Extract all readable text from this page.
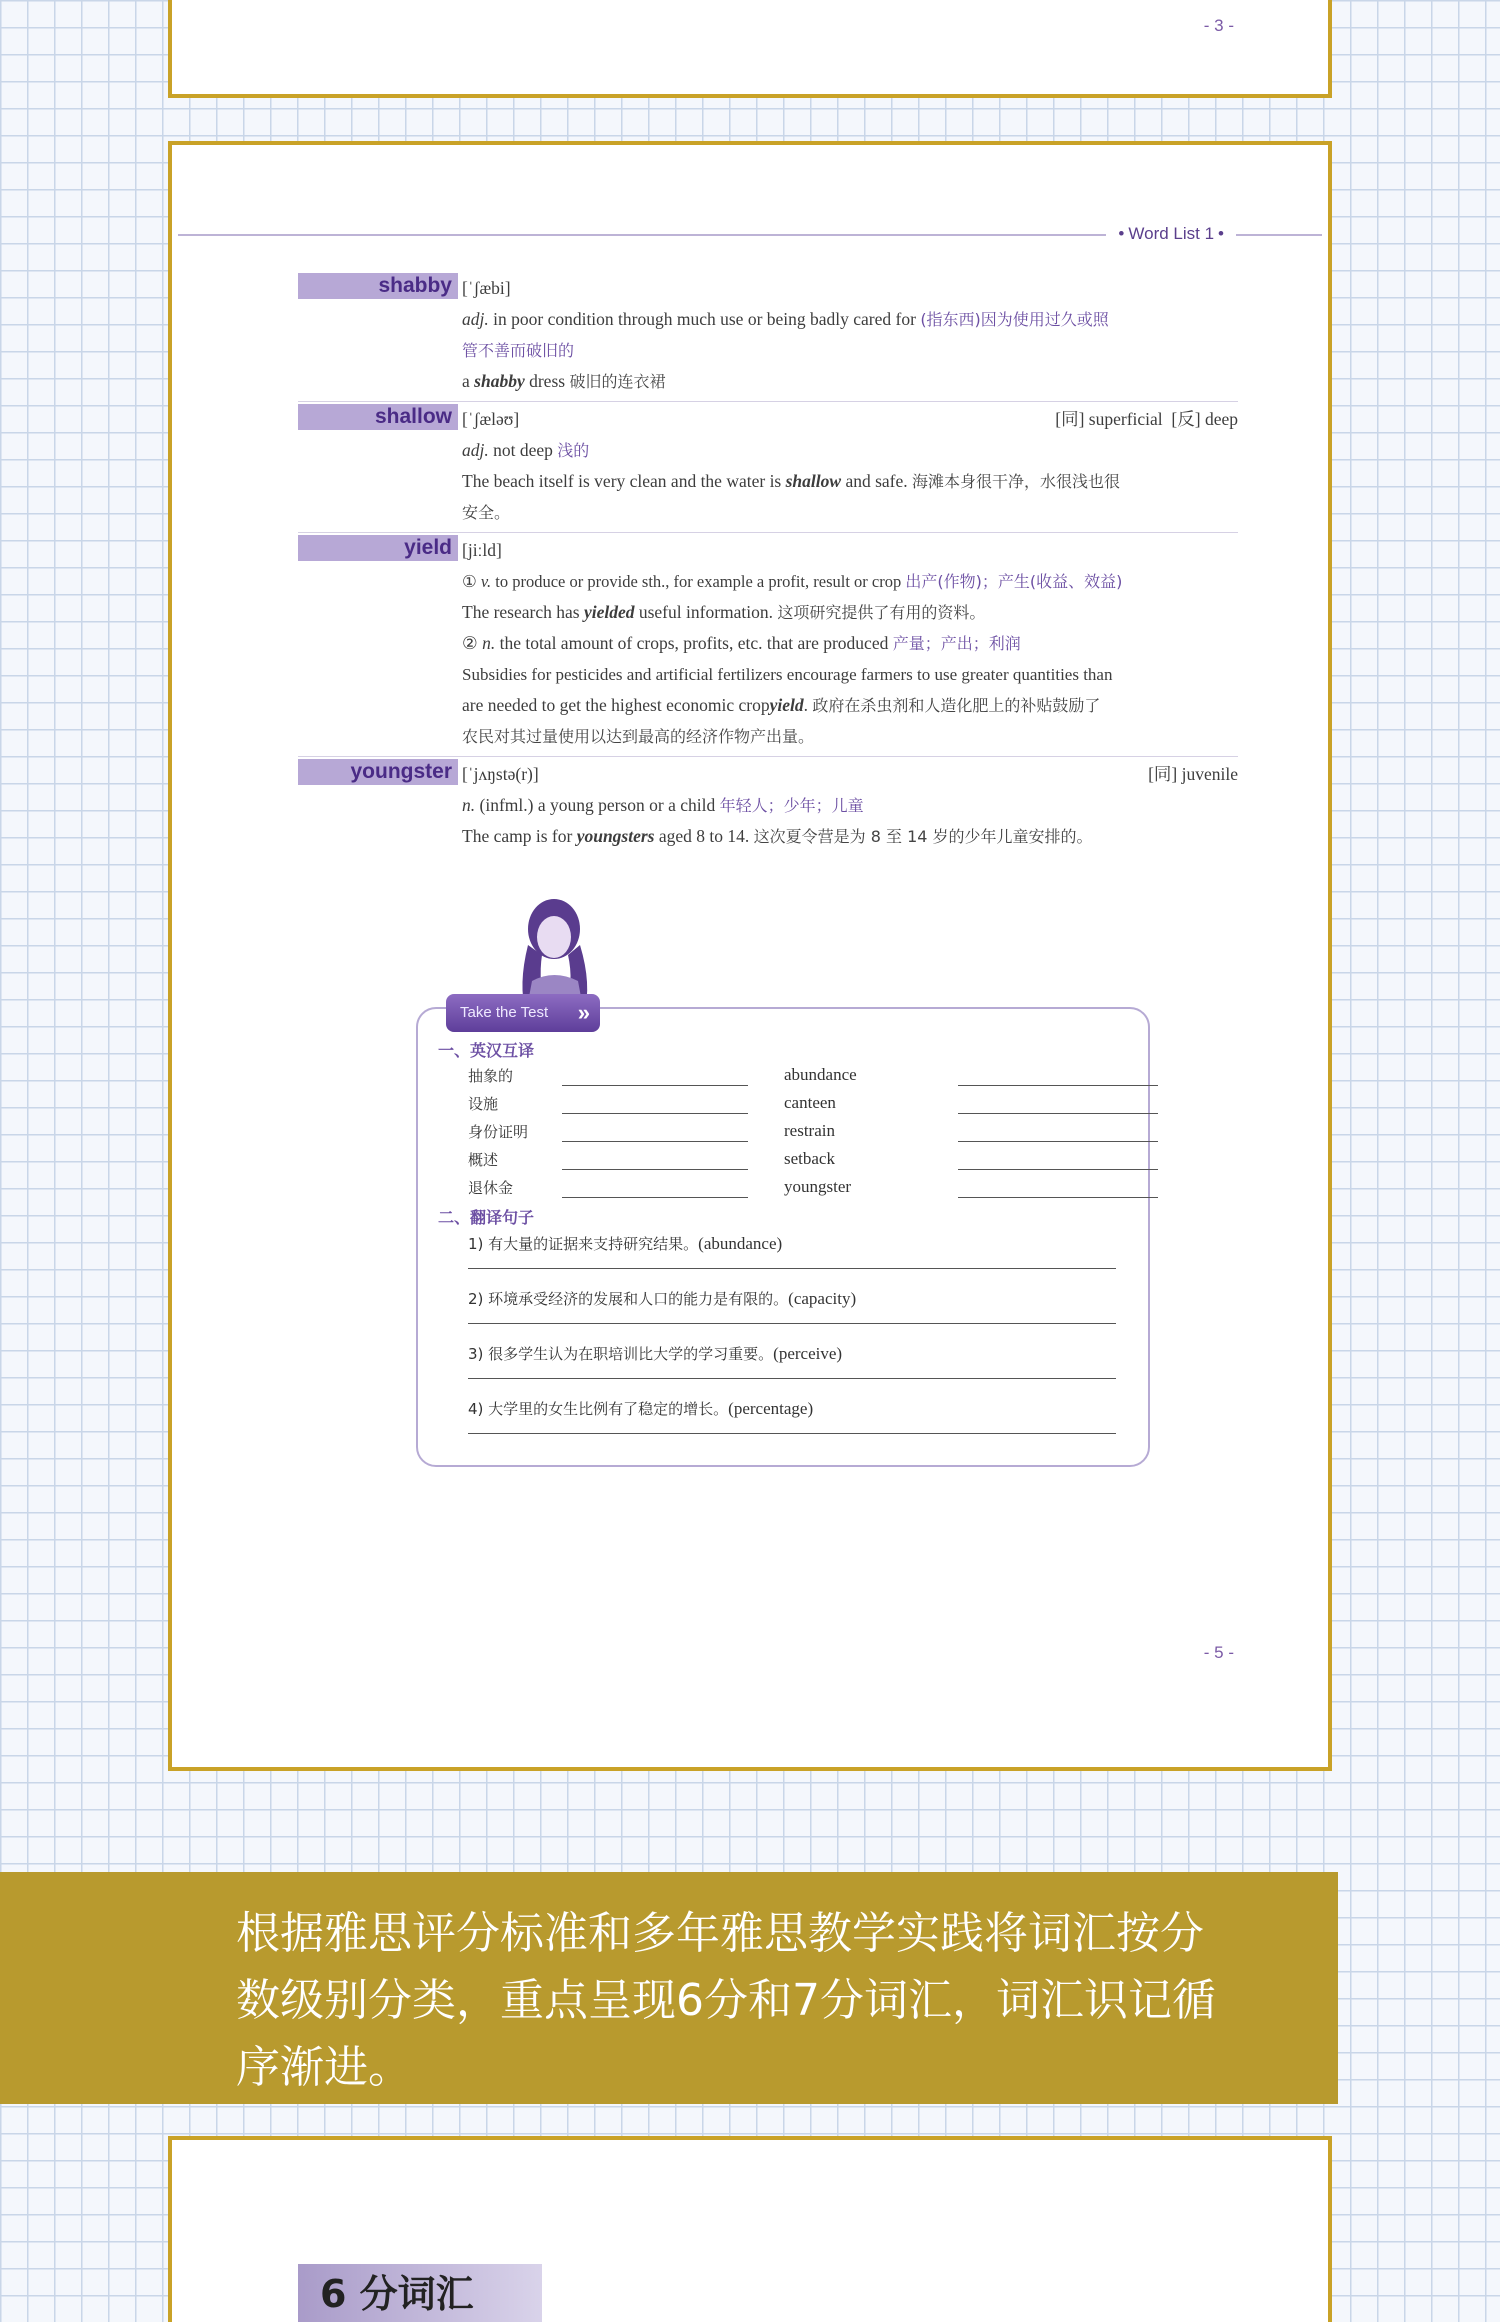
- 3 -
• Word List 1 •
shabby [ˈʃæbi]
adj. in poor condition through much use or being badly cared for (指东西)因为使用过久或照
管不善而破旧的
a shabby dress 破旧的连衣裙
shallow [ˈʃæləʊ]	[同] superficial [反] deep
adj. not deep 浅的
The beach itself is very clean and the water is shallow and safe. 海滩本身很干净，水很浅也很
安全。
yield [jiːld]
① v. to produce or provide sth., for example a profit, result or crop 出产(作物)；产生(收益、效益)
The research has yielded useful information. 这项研究提供了有用的资料。
② n. the total amount of crops, profits, etc. that are produced 产量；产出；利润
Subsidies for pesticides and artificial fertilizers encourage farmers to use greater quantities than
are needed to get the highest economic cropyield. 政府在杀虫剂和人造化肥上的补贴鼓励了
农民对其过量使用以达到最高的经济作物产出量。
youngster [ˈjʌŋstə(r)]	[同] juvenile
n. (infml.) a young person or a child 年轻人；少年；儿童
The camp is for youngsters aged 8 to 14. 这次夏令营是为 8 至 14 岁的少年儿童安排的。
Take the Test »
一、英汉互译
抽象的	abundance
设施	canteen
身份证明	restrain
概述	setback
退休金	youngster
二、翻译句子
1) 有大量的证据来支持研究结果。(abundance)
2) 环境承受经济的发展和人口的能力是有限的。(capacity)
3) 很多学生认为在职培训比大学的学习重要。(perceive)
4) 大学里的女生比例有了稳定的增长。(percentage)
- 5 -
根据雅思评分标准和多年雅思教学实践将词汇按分
数级别分类，重点呈现6分和7分词汇，词汇识记循
序渐进。
6 分词汇
